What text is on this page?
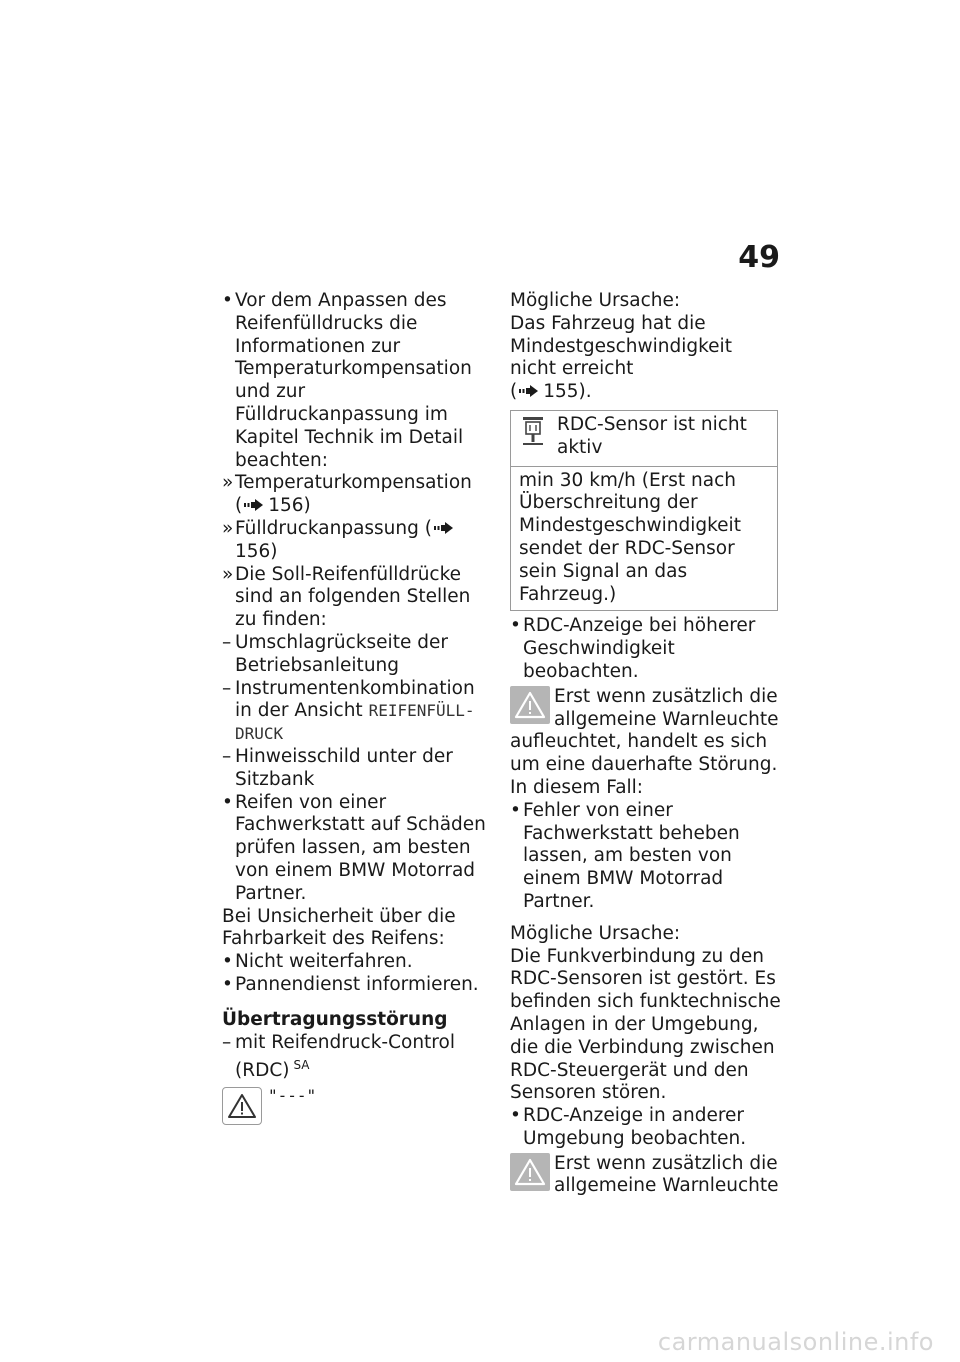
49
• Vor dem Anpassen des Reifenfülldrucks die Informationen zur Temperaturkompensation und zur Fülldruckanpassung im Kapitel Technik im Detail beachten:
» Temperaturkompensation
( 156)
» Fülldruckanpassung (156)
» Die Soll-Reifenfülldrücke sind an folgenden Stellen zu finden:
– Umschlagrückseite der Betriebsanleitung
– Instrumentenkombination in der Ansicht REIFENFÜLL-DRUCK
– Hinweisschild unter der Sitzbank
• Reifen von einer Fachwerkstatt auf Schäden prüfen lassen, am besten von einem BMW Motorrad Partner.
Bei Unsicherheit über die Fahrbarkeit des Reifens:
• Nicht weiterfahren.
• Pannendienst informieren.
Übertragungsstörung
– mit Reifendruck-Control (RDC) $^{SA}$
"---"
Mögliche Ursache:
Das Fahrzeug hat die Mindestgeschwindigkeit nicht erreicht
( 155).
RDC-Sensor ist nicht aktiv
min 30 km/h (Erst nach Überschreitung der Mindestgeschwindigkeit sendet der RDC-Sensor sein Signal an das Fahrzeug.)
• RDC-Anzeige bei höherer Geschwindigkeit beobachten.
Erst wenn zusätzlich die allgemeine Warnleuchte
aufleuchtet, handelt es sich um eine dauerhafte Störung.
In diesem Fall:
• Fehler von einer Fachwerkstatt beheben lassen, am besten von einem BMW Motorrad Partner.
Mögliche Ursache:
Die Funkverbindung zu den RDC-Sensoren ist gestört. Es befinden sich funktechnische Anlagen in der Umgebung, die die Verbindung zwischen RDC-Steuergerät und den Sensoren stören.
• RDC-Anzeige in anderer Umgebung beobachten.
Erst wenn zusätzlich die allgemeine Warnleuchte
carmanualsonline.info
